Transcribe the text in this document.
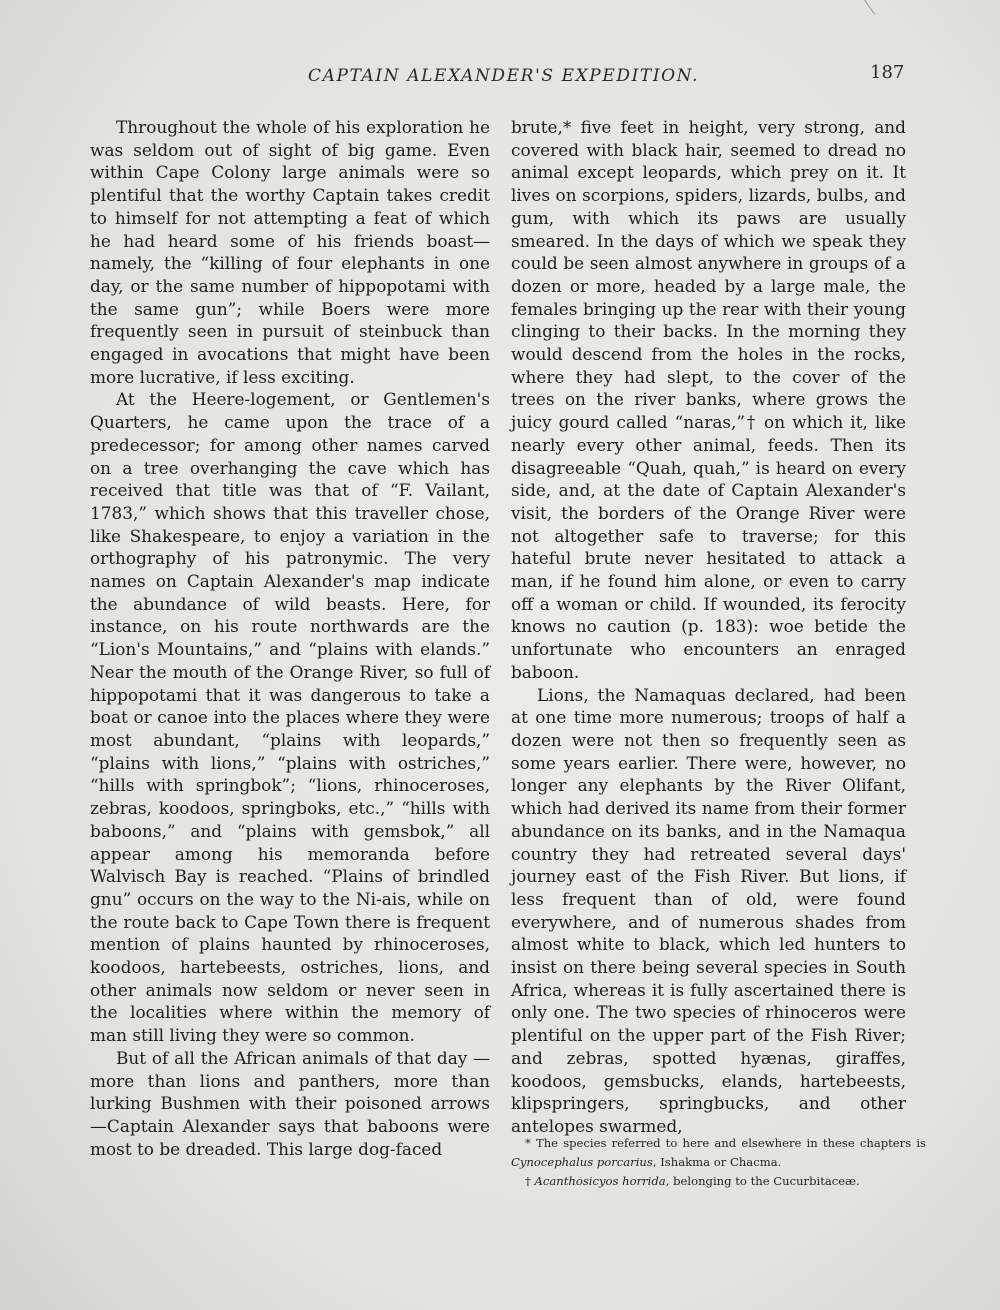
CAPTAIN ALEXANDER'S EXPEDITION.	187

Throughout the whole of his exploration he was seldom out of sight of big game. Even within Cape Colony large animals were so plentiful that the worthy Captain takes credit to himself for not attempting a feat of which he had heard some of his friends boast—namely, the “killing of four elephants in one day, or the same number of hippopotami with the same gun”; while Boers were more frequently seen in pursuit of steinbuck than engaged in avocations that might have been more lucrative, if less exciting.

At the Heere-logement, or Gentlemen's Quarters, he came upon the trace of a predecessor; for among other names carved on a tree overhanging the cave which has received that title was that of “F. Vailant, 1783,” which shows that this traveller chose, like Shakespeare, to enjoy a variation in the orthography of his patronymic. The very names on Captain Alexander's map indicate the abundance of wild beasts. Here, for instance, on his route northwards are the “Lion's Mountains,” and “plains with elands.” Near the mouth of the Orange River, so full of hippopotami that it was dangerous to take a boat or canoe into the places where they were most abundant, “plains with leopards,” “plains with lions,” “plains with ostriches,” “hills with springbok”; “lions, rhinoceroses, zebras, koodoos, springboks, etc.,” “hills with baboons,” and “plains with gemsbok,” all appear among his memoranda before Walvisch Bay is reached. “Plains of brindled gnu” occurs on the way to the Ni-ais, while on the route back to Cape Town there is frequent mention of plains haunted by rhinoceroses, koodoos, hartebeests, ostriches, lions, and other animals now seldom or never seen in the localities where within the memory of man still living they were so common.

But of all the African animals of that day —more than lions and panthers, more than lurking Bushmen with their poisoned arrows —Captain Alexander says that baboons were most to be dreaded. This large dog-faced

brute,* five feet in height, very strong, and covered with black hair, seemed to dread no animal except leopards, which prey on it. It lives on scorpions, spiders, lizards, bulbs, and gum, with which its paws are usually smeared. In the days of which we speak they could be seen almost anywhere in groups of a dozen or more, headed by a large male, the females bringing up the rear with their young clinging to their backs. In the morning they would descend from the holes in the rocks, where they had slept, to the cover of the trees on the river banks, where grows the juicy gourd called “naras,”† on which it, like nearly every other animal, feeds. Then its disagreeable “Quah, quah,” is heard on every side, and, at the date of Captain Alexander's visit, the borders of the Orange River were not altogether safe to traverse; for this hateful brute never hesitated to attack a man, if he found him alone, or even to carry off a woman or child. If wounded, its ferocity knows no caution (p. 183): woe betide the unfortunate who encounters an enraged baboon.

Lions, the Namaquas declared, had been at one time more numerous; troops of half a dozen were not then so frequently seen as some years earlier. There were, however, no longer any elephants by the River Olifant, which had derived its name from their former abundance on its banks, and in the Namaqua country they had retreated several days' journey east of the Fish River. But lions, if less frequent than of old, were found everywhere, and of numerous shades from almost white to black, which led hunters to insist on there being several species in South Africa, whereas it is fully ascertained there is only one. The two species of rhinoceros were plentiful on the upper part of the Fish River; and zebras, spotted hyænas, giraffes, koodoos, gemsbucks, elands, hartebeests, klipspringers, springbucks, and other antelopes swarmed,

* The species referred to here and elsewhere in these chapters is Cynocephalus porcarius, Ishakma or Chacma.

† Acanthosicyos horrida, belonging to the Cucurbitaceæ.
